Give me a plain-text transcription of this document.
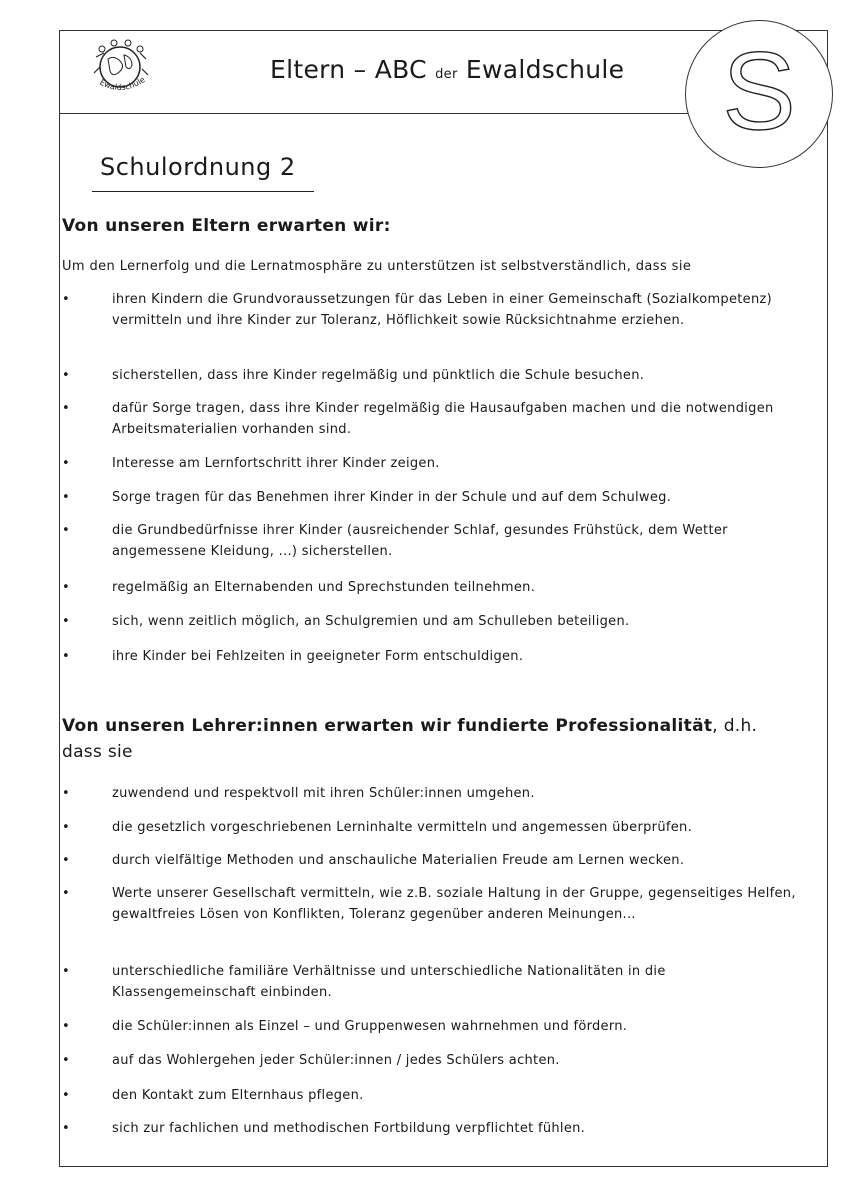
Ewaldschule	Eltern – ABC der Ewaldschule S
Schulordnung 2
Von unseren Eltern erwarten wir:
Um den Lernerfolg und die Lernatmosphäre zu unterstützen ist selbstverständlich, dass sie
•	ihren Kindern die Grundvoraussetzungen für das Leben in einer Gemeinschaft (Sozialkompetenz) vermitteln und ihre Kinder zur Toleranz, Höflichkeit sowie Rücksichtnahme erziehen.
•	sicherstellen, dass ihre Kinder regelmäßig und pünktlich die Schule besuchen.
•	dafür Sorge tragen, dass ihre Kinder regelmäßig die Hausaufgaben machen und die notwendigen Arbeitsmaterialien vorhanden sind.
•	Interesse am Lernfortschritt ihrer Kinder zeigen.
•	Sorge tragen für das Benehmen ihrer Kinder in der Schule und auf dem Schulweg.
•	die Grundbedürfnisse ihrer Kinder (ausreichender Schlaf, gesundes Frühstück, dem Wetter angemessene Kleidung, ...) sicherstellen.
•	regelmäßig an Elternabenden und Sprechstunden teilnehmen.
•	sich, wenn zeitlich möglich, an Schulgremien und am Schulleben beteiligen.
•	ihre Kinder bei Fehlzeiten in geeigneter Form entschuldigen.
Von unseren Lehrer:innen erwarten wir fundierte Professionalität, d.h.
dass sie
•	zuwendend und respektvoll mit ihren Schüler:innen umgehen.
•	die gesetzlich vorgeschriebenen Lerninhalte vermitteln und angemessen überprüfen.
•	durch vielfältige Methoden und anschauliche Materialien Freude am Lernen wecken.
•	Werte unserer Gesellschaft vermitteln, wie z.B. soziale Haltung in der Gruppe, gegenseitiges Helfen, gewaltfreies Lösen von Konflikten, Toleranz gegenüber anderen Meinungen...
•	unterschiedliche familiäre Verhältnisse und unterschiedliche Nationalitäten in die Klassengemeinschaft einbinden.
•	die Schüler:innen als Einzel – und Gruppenwesen wahrnehmen und fördern.
•	auf das Wohlergehen jeder Schüler:innen / jedes Schülers achten.
•	den Kontakt zum Elternhaus pflegen.
•	sich zur fachlichen und methodischen Fortbildung verpflichtet fühlen.
